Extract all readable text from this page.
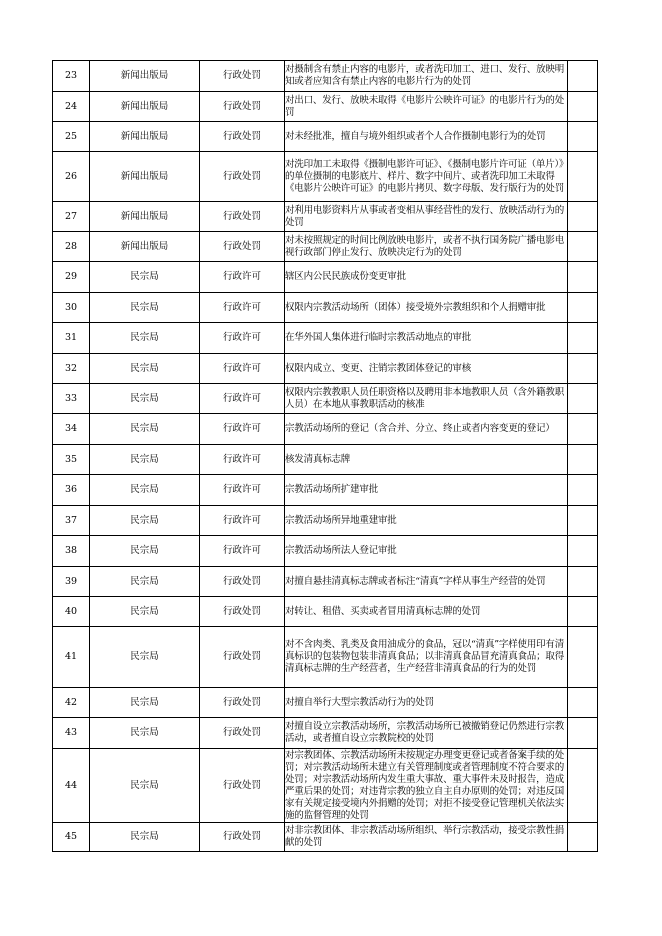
23	新闻出版局	行政处罚	对摄制含有禁止内容的电影片，或者洗印加工、进口、发行、放映明知或者应知含有禁止内容的电影片行为的处罚	
24	新闻出版局	行政处罚	对出口、发行、放映未取得《电影片公映许可证》的电影片行为的处罚	
25	新闻出版局	行政处罚	对未经批准，擅自与境外组织或者个人合作摄制电影行为的处罚	
26	新闻出版局	行政处罚	对洗印加工未取得《摄制电影许可证》、《摄制电影片许可证（单片）》的单位摄制的电影底片、样片、数字中间片、或者洗印加工未取得《电影片公映许可证》的电影片拷贝、数字母版、发行版行为的处罚	
27	新闻出版局	行政处罚	对利用电影资料片从事或者变相从事经营性的发行、放映活动行为的处罚	
28	新闻出版局	行政处罚	对未按照规定的时间比例放映电影片，或者不执行国务院广播电影电视行政部门停止发行、放映决定行为的处罚	
29	民宗局	行政许可	辖区内公民民族成份变更审批	
30	民宗局	行政许可	权限内宗教活动场所（团体）接受境外宗教组织和个人捐赠审批	
31	民宗局	行政许可	在华外国人集体进行临时宗教活动地点的审批	
32	民宗局	行政许可	权限内成立、变更、注销宗教团体登记的审核	
33	民宗局	行政许可	权限内宗教教职人员任职资格以及聘用非本地教职人员（含外籍教职人员）在本地从事教职活动的核准	
34	民宗局	行政许可	宗教活动场所的登记（含合并、分立、终止或者内容变更的登记）	
35	民宗局	行政许可	核发清真标志牌	
36	民宗局	行政许可	宗教活动场所扩建审批	
37	民宗局	行政许可	宗教活动场所异地重建审批	
38	民宗局	行政许可	宗教活动场所法人登记审批	
39	民宗局	行政处罚	对擅自悬挂清真标志牌或者标注“清真”字样从事生产经营的处罚	
40	民宗局	行政处罚	对转让、租借、买卖或者冒用清真标志牌的处罚	
41	民宗局	行政处罚	对不含肉类、乳类及食用油成分的食品，冠以“清真”字样使用印有清真标识的包装物包装非清真食品；以非清真食品冒充清真食品；取得清真标志牌的生产经营者，生产经营非清真食品的行为的处罚	
42	民宗局	行政处罚	对擅自举行大型宗教活动行为的处罚	
43	民宗局	行政处罚	对擅自设立宗教活动场所，宗教活动场所已被撤销登记仍然进行宗教活动，或者擅自设立宗教院校的处罚	
44	民宗局	行政处罚	对宗教团体、宗教活动场所未按规定办理变更登记或者备案手续的处罚；对宗教活动场所未建立有关管理制度或者管理制度不符合要求的处罚；对宗教活动场所内发生重大事故、重大事件未及时报告，造成严重后果的处罚；对违背宗教的独立自主自办原则的处罚；对违反国家有关规定接受境内外捐赠的处罚；对拒不接受登记管理机关依法实施的监督管理的处罚	
45	民宗局	行政处罚	对非宗教团体、非宗教活动场所组织、举行宗教活动，接受宗教性捐献的处罚	
